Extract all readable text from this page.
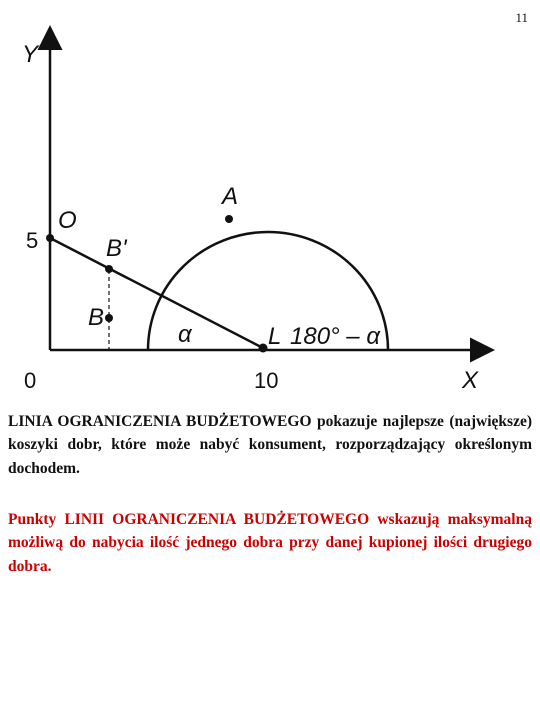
11
Y
X
0
5
10
O
A
B'
B
L
α	180° – α

LINIA OGRANICZENIA BUDŻETOWEGO pokazuje najlepsze (największe) koszyki dobr, które może nabyć konsument, rozporządzający określonym dochodem.

Punkty LINII OGRANICZENIA BUDŻETOWEGO wskazują maksymalną możliwą do nabycia ilość jednego dobra przy danej kupionej ilości drugiego dobra.
